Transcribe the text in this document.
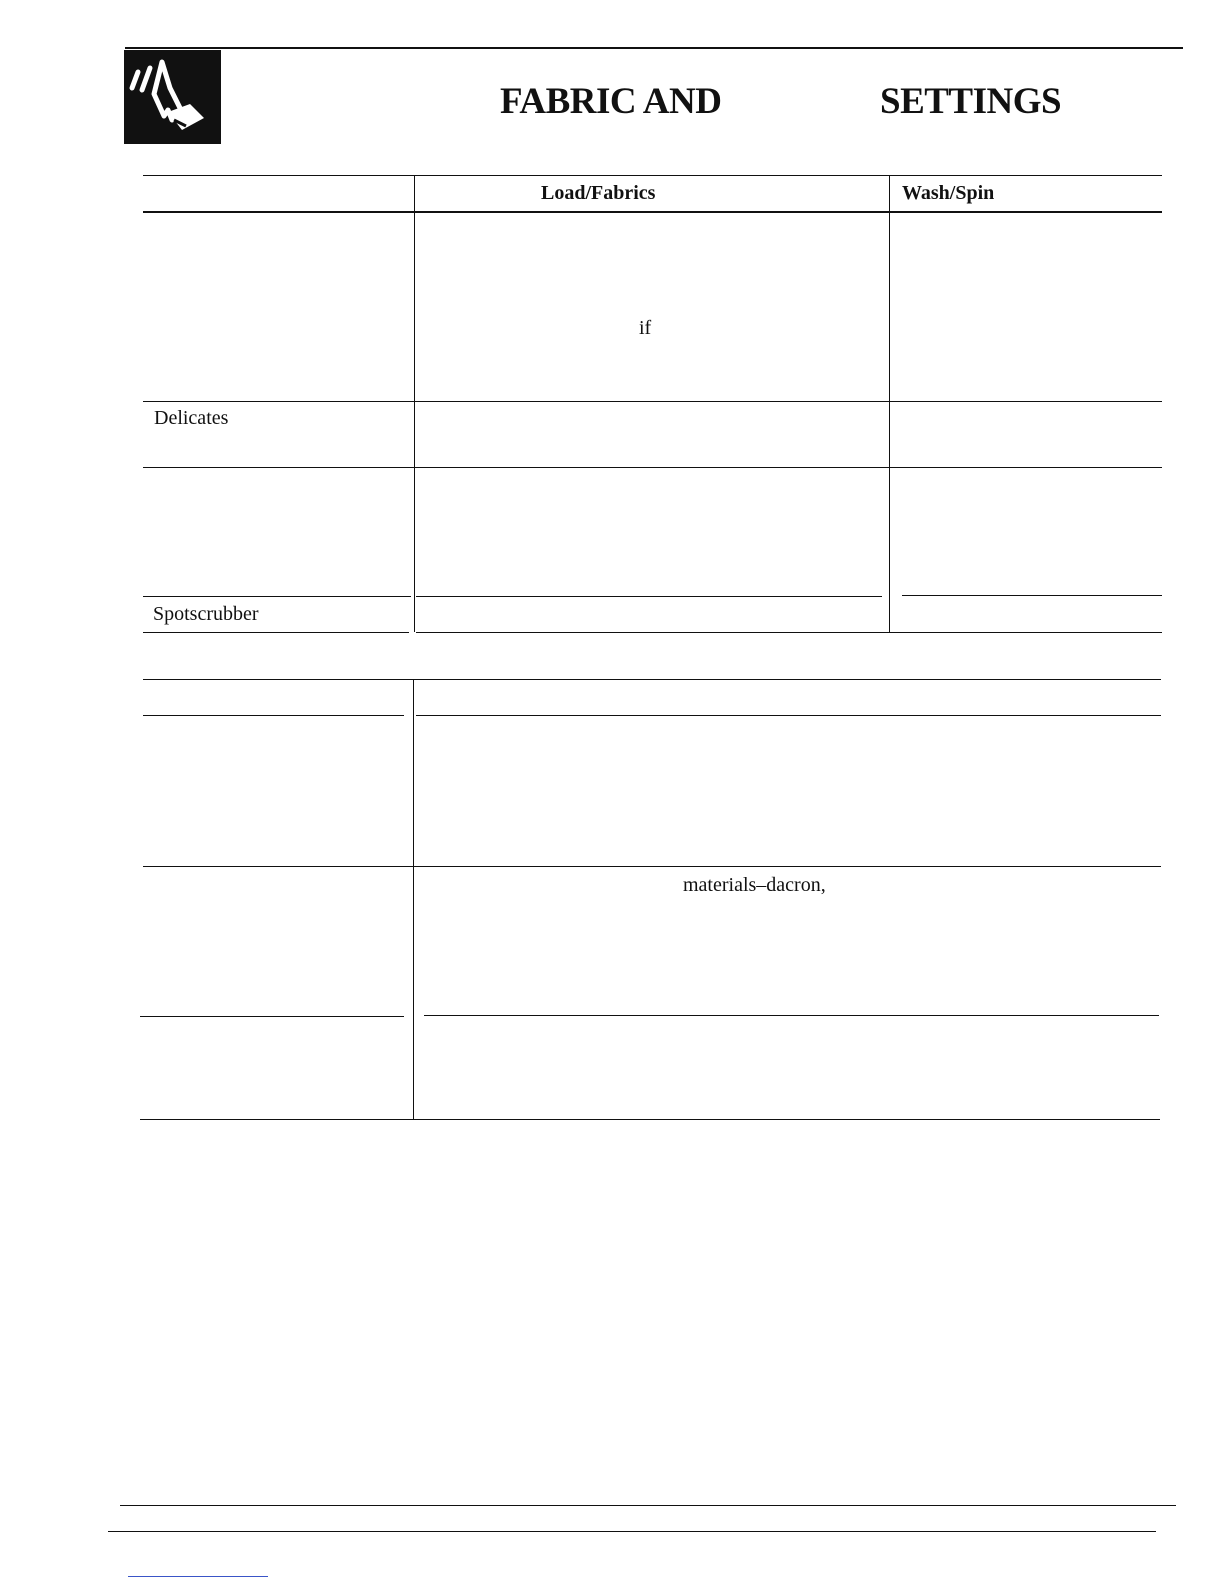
FABRIC AND	SETTINGS
Load/Fabrics	Wash/Spin
if
Delicates
Spotscrubber
materials–dacron,
